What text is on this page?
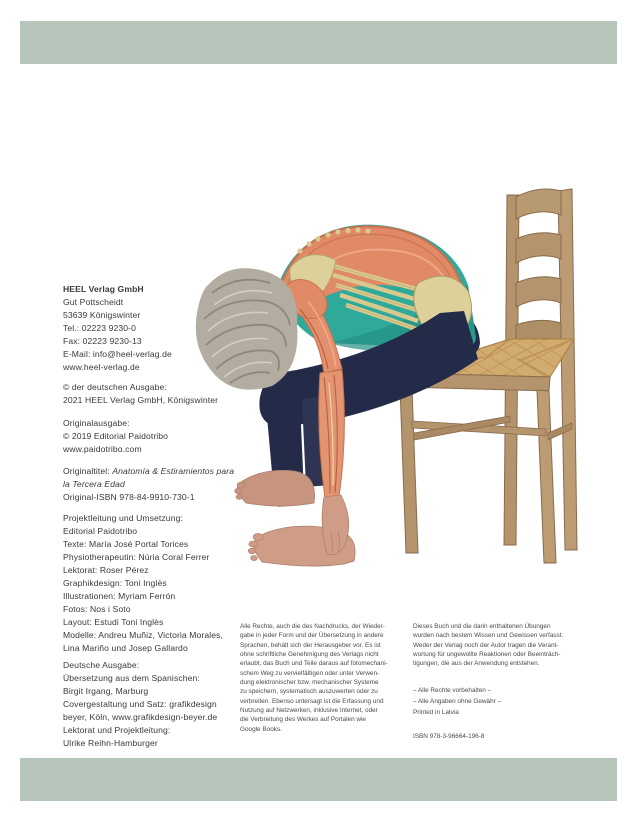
HEEL Verlag GmbH
Gut Pottscheidt
53639 Königswinter
Tel.: 02223 9230-0
Fax: 02223 9230-13
E-Mail: info@heel-verlag.de
www.heel-verlag.de
© der deutschen Ausgabe:
2021 HEEL Verlag GmbH, Königswinter
Originalausgabe:
© 2019 Editorial Paidotribo
www.paidotribo.com
Originaltitel: Anatomía & Estiramientos para
la Tercera Edad
Original-ISBN 978-84-9910-730-1
Projektleitung und Umsetzung:
Editorial Paidotribo
Texte: María José Portal Torices
Physiotherapeutin: Núria Coral Ferrer
Lektorat: Roser Pérez
Graphikdesign: Toni Inglès
Illustrationen: Myriam Ferrón
Fotos: Nos i Soto
Layout: Estudi Toni Inglès
Modelle: Andreu Muñiz, Victoria Morales,
Lina Mariño und Josep Gallardo
Deutsche Ausgabe:
Übersetzung aus dem Spanischen:
Birgit Irgang, Marburg
Covergestaltung und Satz: grafikdesign
beyer, Köln, www.grafikdesign-beyer.de
Lektorat und Projektleitung:
Ulrike Reihn-Hamburger
Alle Rechte, auch die des Nachdrucks, der Wieder-
gabe in jeder Form und der Übersetzung in andere
Sprachen, behält sich der Herausgeber vor. Es ist
ohne schriftliche Genehmigung des Verlags nicht
erlaubt, das Buch und Teile daraus auf fotomechani-
schem Weg zu vervielfältigen oder unter Verwen-
dung elektronischer bzw. mechanischer Systeme
zu speichern, systematisch auszuwerten oder zu
verbreiten. Ebenso untersagt ist die Erfassung und
Nutzung auf Netzwerken, inklusive Internet, oder
die Verbreitung des Werkes auf Portalen wie
Google Books.
Dieses Buch und die darin enthaltenen Übungen
wurden nach bestem Wissen und Gewissen verfasst.
Weder der Verlag noch der Autor tragen die Verant-
wortung für ungewollte Reaktionen oder Beeinträch-
tigungen, die aus der Anwendung entstehen.
– Alle Rechte vorbehalten –
– Alle Angaben ohne Gewähr –
Printed in Latvia
ISBN 978-3-96664-196-8
